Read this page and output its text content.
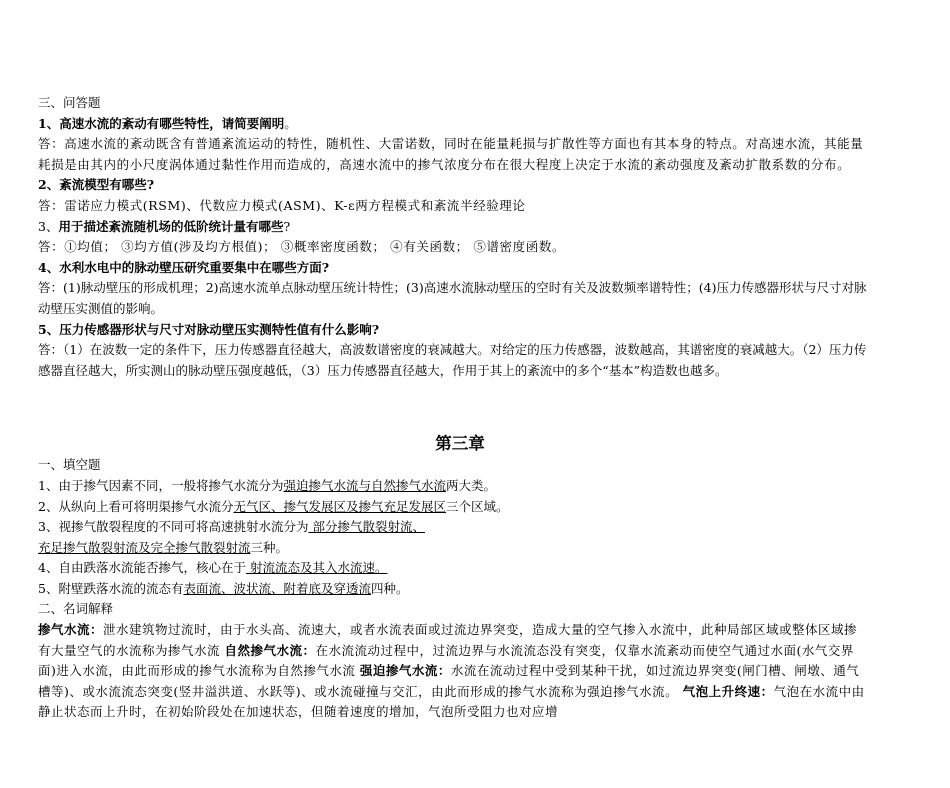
三、问答题
1、高速水流的紊动有哪些特性，请简要阐明。
答：高速水流的紊动既含有普通紊流运动的特性，随机性、大雷诺数，同时在能量耗损与扩散性等方面也有其本身的特点。对高速水流，其能量耗损是由其内的小尺度涡体通过黏性作用而造成的，高速水流中的掺气浓度分布在很大程度上决定于水流的紊动强度及紊动扩散系数的分布。
2、紊流模型有哪些?
答：雷诺应力模式(RSM)、代数应力模式(ASM)、K-ε两方程模式和紊流半经验理论
3、用于描述紊流随机场的低阶统计量有哪些?
答：①均值； ③均方值(涉及均方根值)； ③概率密度函数； ④有关函数； ⑤谱密度函数。
4、水利水电中的脉动壁压研究重要集中在哪些方面?
答：(1)脉动壁压的形成机理；2)高速水流单点脉动壁压统计特性；(3)高速水流脉动壁压的空时有关及波数频率谱特性；(4)压力传感器形状与尺寸对脉动壁压实测值的影响。
5、压力传感器形状与尺寸对脉动壁压实测特性值有什么影响?
答：（1）在波数一定的条件下，压力传感器直径越大，高波数谱密度的衰减越大。对给定的压力传感器，波数越高，其谱密度的衰减越大。（2）压力传感器直径越大，所实测山的脉动壁压强度越低，（3）压力传感器直径越大，作用于其上的紊流中的多个“基本”构造数也越多。
第三章
一、填空题
1、由于掺气因素不同，一般将掺气水流分为强迫掺气水流与自然掺气水流两大类。
2、从纵向上看可将明渠掺气水流分无气区、掺气发展区及掺气充足发展区三个区域。
3、视掺气散裂程度的不同可将高速挑射水流分为 部分掺气散裂射流、
充足掺气散裂射流及完全掺气散裂射流三种。
4、自由跌落水流能否掺气，核心在于 射流流态及其入水流速。
5、附壁跌落水流的流态有表面流、波状流、附着底及穿透流四种。
二、名词解释
掺气水流：泄水建筑物过流时，由于水头高、流速大，或者水流表面或过流边界突变，造成大量的空气掺入水流中，此种局部区域或整体区域掺有大量空气的水流称为掺气水流 自然掺气水流：在水流流动过程中，过流边界与水流流态没有突变，仅靠水流紊动而使空气通过水面(水气交界面)进入水流，由此而形成的掺气水流称为自然掺气水流 强迫掺气水流：水流在流动过程中受到某种干扰，如过流边界突变(闸门槽、闸墩、通气槽等)、或水流流态突变(竖井溢洪道、水跃等)、或水流碰撞与交汇，由此而形成的掺气水流称为强迫掺气水流。 气泡上升终速：气泡在水流中由静止状态而上升时，在初始阶段处在加速状态，但随着速度的增加，气泡所受阻力也对应增
